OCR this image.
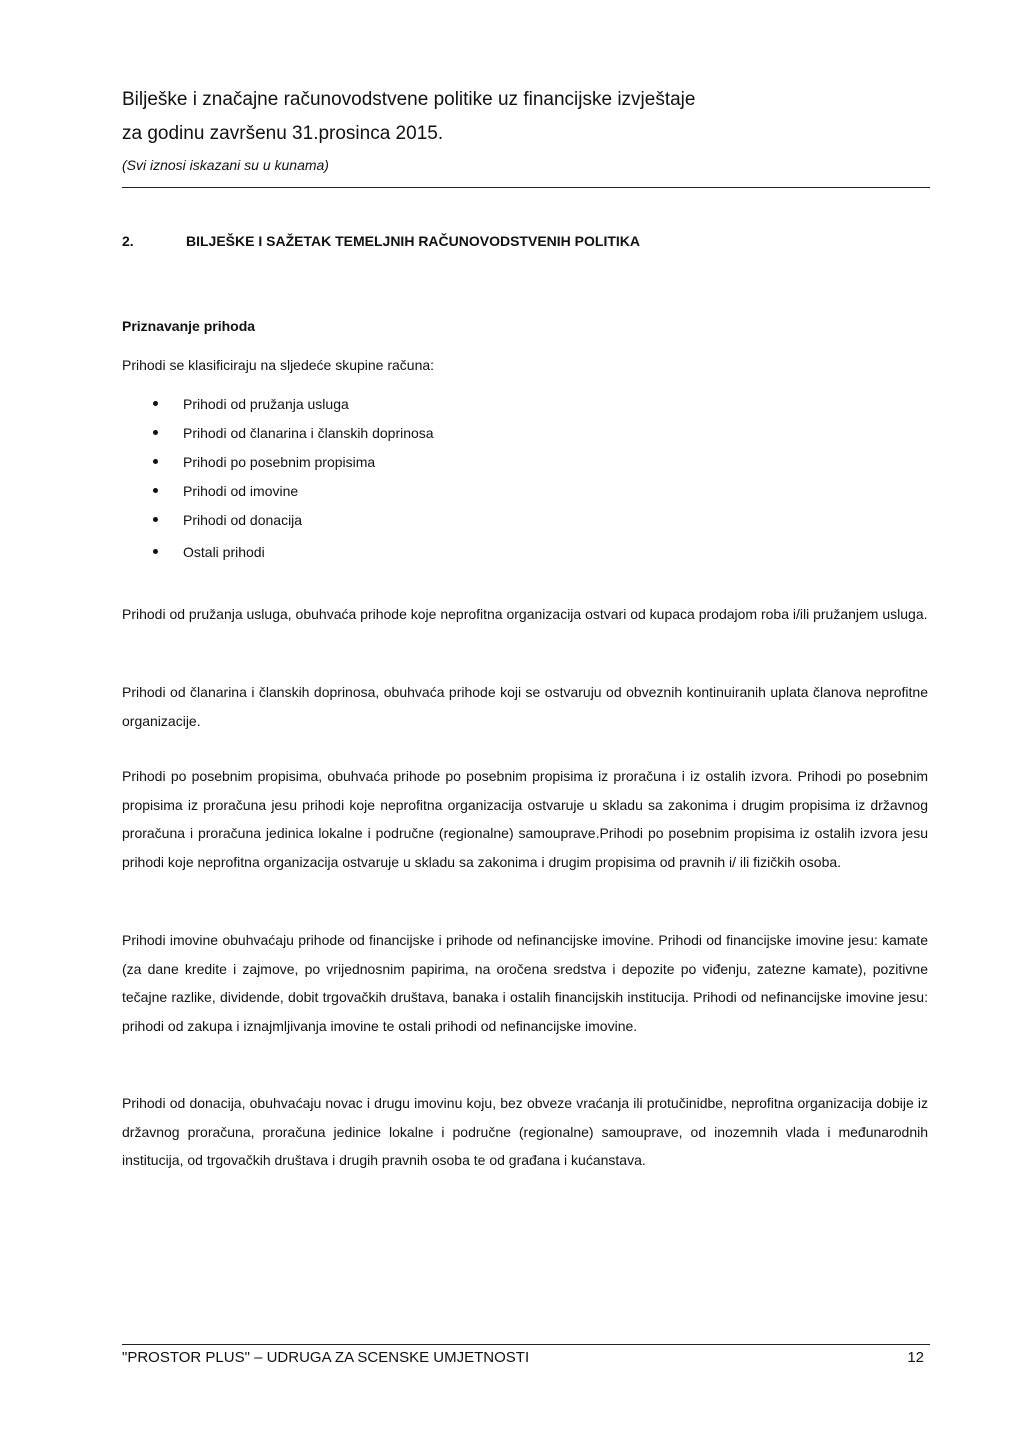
Bilješke i značajne računovodstvene politike uz financijske izvještaje
za godinu završenu 31.prosinca 2015.
(Svi iznosi iskazani su u kunama)
2.	BILJEŠKE I SAŽETAK TEMELJNIH RAČUNOVODSTVENIH POLITIKA
Priznavanje prihoda
Prihodi se klasificiraju na sljedeće skupine računa:
Prihodi od pružanja usluga
Prihodi od članarina i članskih doprinosa
Prihodi po posebnim propisima
Prihodi od imovine
Prihodi od donacija
Ostali prihodi

Prihodi od pružanja usluga, obuhvaća prihode koje neprofitna organizacija ostvari od kupaca prodajom roba i/ili pružanjem usluga.

Prihodi od članarina i članskih doprinosa, obuhvaća prihode koji se ostvaruju od obveznih kontinuiranih uplata članova neprofitne organizacije.

Prihodi po posebnim propisima, obuhvaća prihode po posebnim propisima iz proračuna i iz ostalih izvora. Prihodi po posebnim propisima iz proračuna jesu prihodi koje neprofitna organizacija ostvaruje u skladu sa zakonima i drugim propisima iz državnog proračuna i proračuna jedinica lokalne i područne (regionalne) samouprave.Prihodi po posebnim propisima iz ostalih izvora jesu prihodi koje neprofitna organizacija ostvaruje u skladu sa zakonima i drugim propisima od pravnih i/ ili fizičkih osoba.

Prihodi imovine obuhvaćaju prihode od financijske i prihode od nefinancijske imovine. Prihodi od financijske imovine jesu: kamate (za dane kredite i zajmove, po vrijednosnim papirima, na oročena sredstva i depozite po viđenju, zatezne kamate), pozitivne tečajne razlike, dividende, dobit trgovačkih društava, banaka i ostalih financijskih institucija. Prihodi od nefinancijske imovine jesu: prihodi od zakupa i iznajmljivanja imovine te ostali prihodi od nefinancijske imovine.

Prihodi od donacija, obuhvaćaju novac i drugu imovinu koju, bez obveze vraćanja ili protučinidbe, neprofitna organizacija dobije iz državnog proračuna, proračuna jedinice lokalne i područne (regionalne) samouprave, od inozemnih vlada i međunarodnih institucija, od trgovačkih društava i drugih pravnih osoba te od građana i kućanstava.

"PROSTOR PLUS" – UDRUGA ZA SCENSKE UMJETNOSTI	12
